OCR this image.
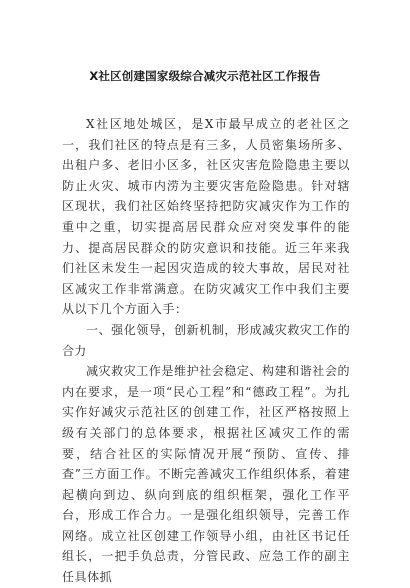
X社区创建国家级综合减灾示范社区工作报告

X社区地处城区，是X市最早成立的老社区之一，我们社区的特点是有三多，人员密集场所多、出租户多、老旧小区多，社区灾害危险隐患主要以防止火灾、城市内涝为主要灾害危险隐患。针对辖区现状，我们社区始终坚持把防灾减灾作为工作的重中之重，切实提高居民群众应对突发事件的能力、提高居民群众的防灾意识和技能。近三年来我们社区未发生一起因灾造成的较大事故，居民对社区减灾工作非常满意。在防灾减灾工作中我们主要从以下几个方面入手：

一、强化领导，创新机制，形成减灾救灾工作的合力

减灾救灾工作是维护社会稳定、构建和谐社会的内在要求，是一项“民心工程”和“德政工程”。为扎实作好减灾示范社区的创建工作，社区严格按照上级有关部门的总体要求，根据社区减灾工作的需要，结合社区的实际情况开展“预防、宣传、排查”三方面工作。不断完善减灾工作组织体系，着建起横向到边、纵向到底的组织框架，强化工作平台，形成工作合力。一是强化组织领导，完善工作网络。成立社区创建工作领导小组，由社区书记任组长，一把手负总责，分管民政、应急工作的副主任具体抓
